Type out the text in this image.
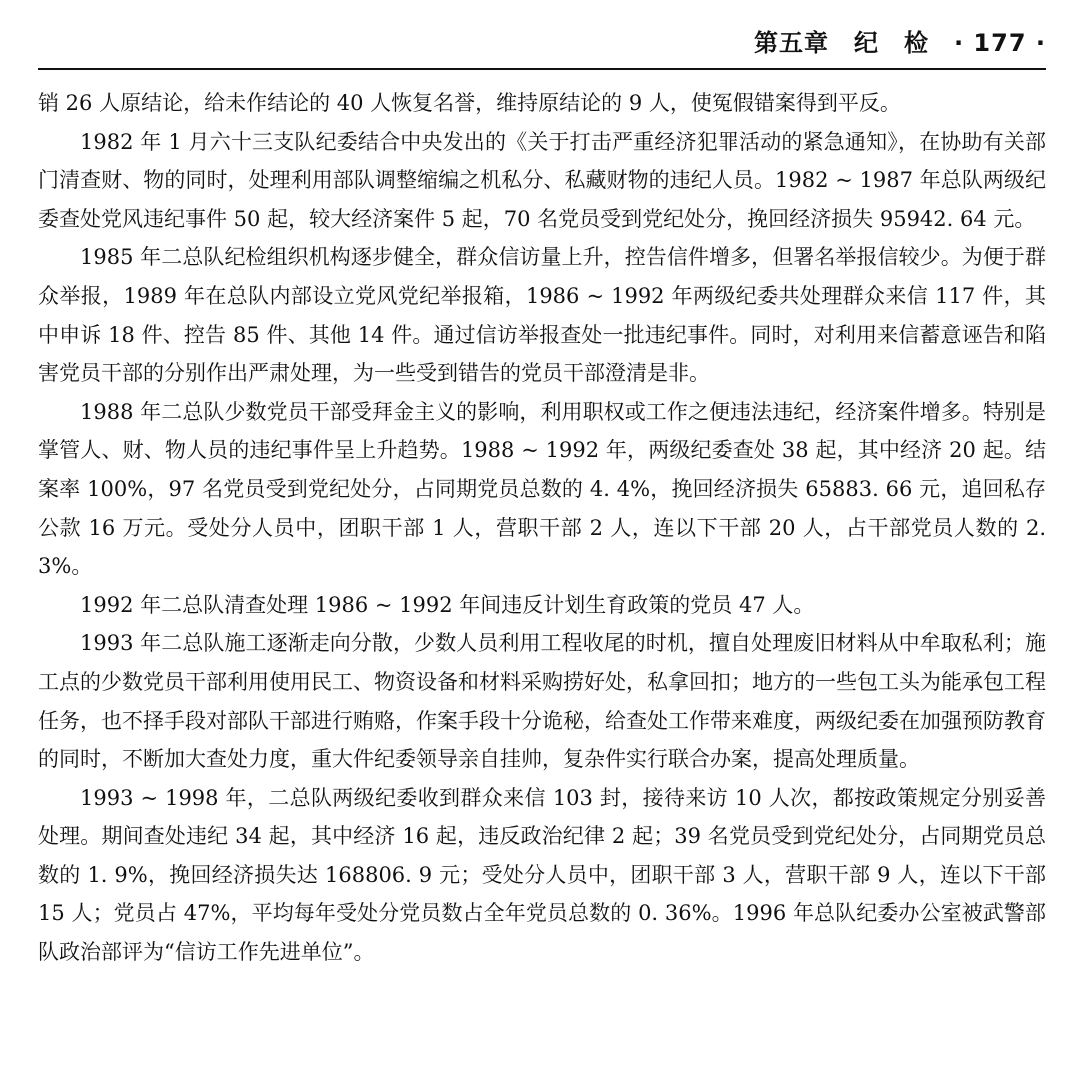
第五章　纪　检　· 177 ·

销 26 人原结论，给未作结论的 40 人恢复名誉，维持原结论的 9 人，使冤假错案得到平反。

1982 年 1 月六十三支队纪委结合中央发出的《关于打击严重经济犯罪活动的紧急通知》，在协助有关部门清查财、物的同时，处理利用部队调整缩编之机私分、私藏财物的违纪人员。1982 ~ 1987 年总队两级纪委查处党风违纪事件 50 起，较大经济案件 5 起，70 名党员受到党纪处分，挽回经济损失 95942. 64 元。

1985 年二总队纪检组织机构逐步健全，群众信访量上升，控告信件增多，但署名举报信较少。为便于群众举报，1989 年在总队内部设立党风党纪举报箱，1986 ~ 1992 年两级纪委共处理群众来信 117 件，其中申诉 18 件、控告 85 件、其他 14 件。通过信访举报查处一批违纪事件。同时，对利用来信蓄意诬告和陷害党员干部的分别作出严肃处理，为一些受到错告的党员干部澄清是非。

1988 年二总队少数党员干部受拜金主义的影响，利用职权或工作之便违法违纪，经济案件增多。特别是掌管人、财、物人员的违纪事件呈上升趋势。1988 ~ 1992 年，两级纪委查处 38 起，其中经济 20 起。结案率 100%，97 名党员受到党纪处分，占同期党员总数的 4. 4%，挽回经济损失 65883. 66 元，追回私存公款 16 万元。受处分人员中，团职干部 1 人，营职干部 2 人，连以下干部 20 人，占干部党员人数的 2. 3%。

1992 年二总队清查处理 1986 ~ 1992 年间违反计划生育政策的党员 47 人。

1993 年二总队施工逐渐走向分散，少数人员利用工程收尾的时机，擅自处理废旧材料从中牟取私利；施工点的少数党员干部利用使用民工、物资设备和材料采购捞好处，私拿回扣；地方的一些包工头为能承包工程任务，也不择手段对部队干部进行贿赂，作案手段十分诡秘，给查处工作带来难度，两级纪委在加强预防教育的同时，不断加大查处力度，重大件纪委领导亲自挂帅，复杂件实行联合办案，提高处理质量。

1993 ~ 1998 年，二总队两级纪委收到群众来信 103 封，接待来访 10 人次，都按政策规定分别妥善处理。期间查处违纪 34 起，其中经济 16 起，违反政治纪律 2 起；39 名党员受到党纪处分，占同期党员总数的 1. 9%，挽回经济损失达 168806. 9 元；受处分人员中，团职干部 3 人，营职干部 9 人，连以下干部 15 人；党员占 47%，平均每年受处分党员数占全年党员总数的 0. 36%。1996 年总队纪委办公室被武警部队政治部评为“信访工作先进单位”。
